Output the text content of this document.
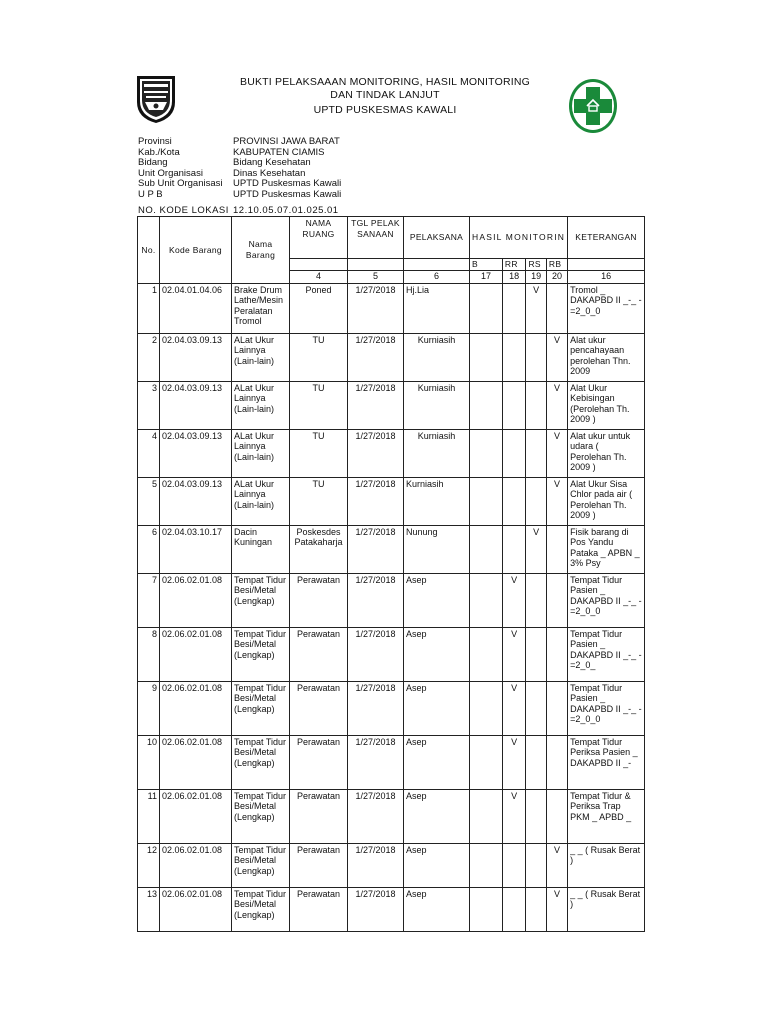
BUKTI PELAKSAAAN MONITORING, HASIL MONITORING
DAN TINDAK LANJUT
UPTD PUSKESMAS KAWALI
Provinsi	PROVINSI JAWA BARAT
Kab./Kota	KABUPATEN CIAMIS
Bidang	Bidang Kesehatan
Unit Organisasi	Dinas Kesehatan
Sub Unit Organisasi	UPTD Puskesmas Kawali
U P B	UPTD Puskesmas Kawali
NO. KODE LOKASI 12.10.05.07.01.025.01
No.	Kode Barang	Nama Barang	NAMA RUANG	TGL PELAKSANAAN	PELAKSANA	HASIL MONITORIN				KETERANGAN
						B	RR	RS	RB	
			4	5	6	17	18	19	20	16
1	02.04.01.04.06	Brake Drum Lathe/Mesin Peralatan Tromol	Poned	1/27/2018	Hj.Lia			V		Tromol _ DAKAPBD II _-_ -=2_0_0
2	02.04.03.09.13	ALat Ukur Lainnya (Lain-lain)	TU	1/27/2018	Kurniasih				V	Alat ukur pencahayaan perolehan Thn. 2009
3	02.04.03.09.13	ALat Ukur Lainnya (Lain-lain)	TU	1/27/2018	Kurniasih				V	Alat Ukur Kebisingan (Perolehan Th. 2009 )
4	02.04.03.09.13	ALat Ukur Lainnya (Lain-lain)	TU	1/27/2018	Kurniasih				V	Alat ukur untuk udara ( Perolehan Th. 2009 )
5	02.04.03.09.13	ALat Ukur Lainnya (Lain-lain)	TU	1/27/2018	Kurniasih				V	Alat Ukur Sisa Chlor pada air ( Perolehan Th. 2009 )
6	02.04.03.10.17	Dacin Kuningan	Poskesdes Patakaharja	1/27/2018	Nunung			V		Fisik barang di Pos Yandu Pataka _ APBN _ 3% Psy
7	02.06.02.01.08	Tempat Tidur Besi/Metal (Lengkap)	Perawatan	1/27/2018	Asep		V			Tempat Tidur Pasien _ DAKAPBD II _-_ -=2_0_0
8	02.06.02.01.08	Tempat Tidur Besi/Metal (Lengkap)	Perawatan	1/27/2018	Asep		V			Tempat Tidur Pasien _ DAKAPBD II _-_ -=2_0_
9	02.06.02.01.08	Tempat Tidur Besi/Metal (Lengkap)	Perawatan	1/27/2018	Asep		V			Tempat Tidur Pasien _ DAKAPBD II _-_ -=2_0_0
10	02.06.02.01.08	Tempat Tidur Besi/Metal (Lengkap)	Perawatan	1/27/2018	Asep		V			Tempat Tidur Periksa Pasien _ DAKAPBD II _-
11	02.06.02.01.08	Tempat Tidur Besi/Metal (Lengkap)	Perawatan	1/27/2018	Asep		V			Tempat Tidur & Periksa Trap PKM _ APBD _
12	02.06.02.01.08	Tempat Tidur Besi/Metal (Lengkap)	Perawatan	1/27/2018	Asep				V	_ _ ( Rusak Berat )
13	02.06.02.01.08	Tempat Tidur Besi/Metal (Lengkap)	Perawatan	1/27/2018	Asep				V	_ _ ( Rusak Berat )
